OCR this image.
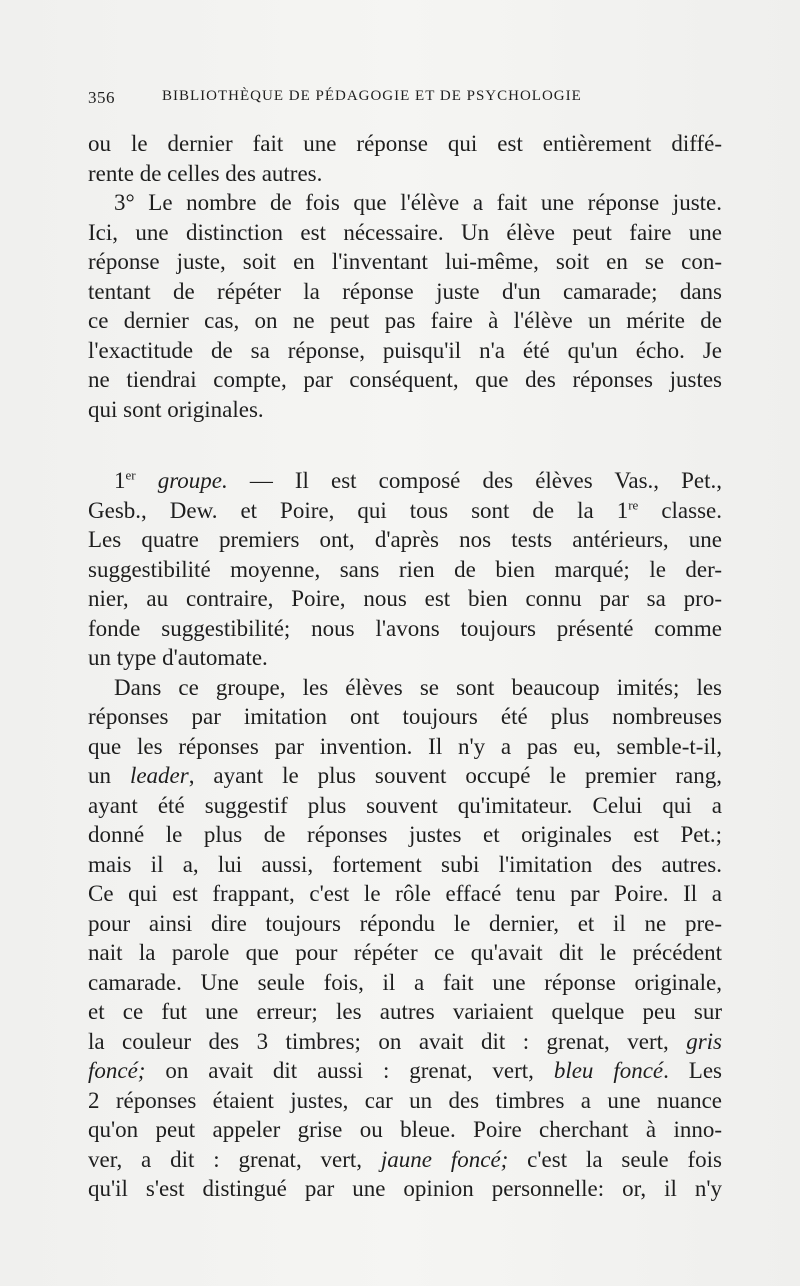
356	BIBLIOTHÈQUE DE PÉDAGOGIE ET DE PSYCHOLOGIE
ou le dernier fait une réponse qui est entièrement diffé-
rente de celles des autres.
3° Le nombre de fois que l'élève a fait une réponse juste.
Ici, une distinction est nécessaire. Un élève peut faire une
réponse juste, soit en l'inventant lui-même, soit en se con-
tentant de répéter la réponse juste d'un camarade; dans
ce dernier cas, on ne peut pas faire à l'élève un mérite de
l'exactitude de sa réponse, puisqu'il n'a été qu'un écho. Je
ne tiendrai compte, par conséquent, que des réponses justes
qui sont originales.
1er groupe. — Il est composé des élèves Vas., Pet.,
Gesb., Dew. et Poire, qui tous sont de la 1re classe.
Les quatre premiers ont, d'après nos tests antérieurs, une
suggestibilité moyenne, sans rien de bien marqué; le der-
nier, au contraire, Poire, nous est bien connu par sa pro-
fonde suggestibilité; nous l'avons toujours présenté comme
un type d'automate.
Dans ce groupe, les élèves se sont beaucoup imités; les
réponses par imitation ont toujours été plus nombreuses
que les réponses par invention. Il n'y a pas eu, semble-t-il,
un leader, ayant le plus souvent occupé le premier rang,
ayant été suggestif plus souvent qu'imitateur. Celui qui a
donné le plus de réponses justes et originales est Pet.;
mais il a, lui aussi, fortement subi l'imitation des autres.
Ce qui est frappant, c'est le rôle effacé tenu par Poire. Il a
pour ainsi dire toujours répondu le dernier, et il ne pre-
nait la parole que pour répéter ce qu'avait dit le précédent
camarade. Une seule fois, il a fait une réponse originale,
et ce fut une erreur; les autres variaient quelque peu sur
la couleur des 3 timbres; on avait dit : grenat, vert, gris
foncé; on avait dit aussi : grenat, vert, bleu foncé. Les
2 réponses étaient justes, car un des timbres a une nuance
qu'on peut appeler grise ou bleue. Poire cherchant à inno-
ver, a dit : grenat, vert, jaune foncé; c'est la seule fois
qu'il s'est distingué par une opinion personnelle: or, il n'y
